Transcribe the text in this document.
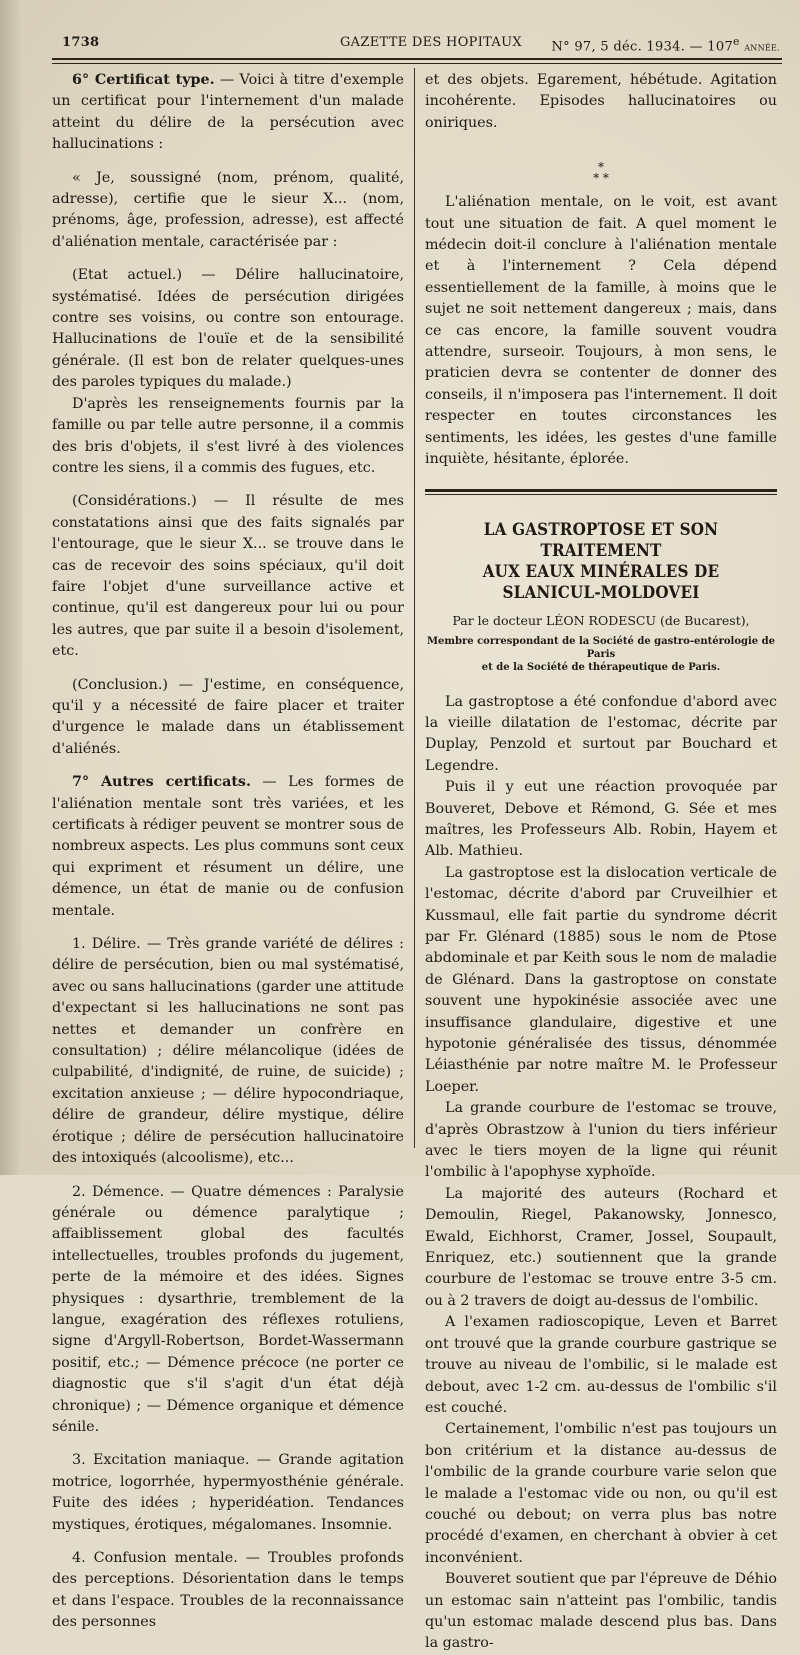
1738	GAZETTE DES HOPITAUX N° 97, 5 déc. 1934. — 107e ANNÉE.

6° Certificat type. — Voici à titre d'exemple un certificat pour l'internement d'un malade atteint du délire de la persécution avec hallucinations :

« Je, soussigné (nom, prénom, qualité, adresse), certifie que le sieur X... (nom, prénoms, âge, profession, adresse), est affecté d'aliénation mentale, caractérisée par :

(Etat actuel.) — Délire hallucinatoire, systématisé. Idées de persécution dirigées contre ses voisins, ou contre son entourage. Hallucinations de l'ouïe et de la sensibilité générale. (Il est bon de relater quelques-unes des paroles typiques du malade.)

D'après les renseignements fournis par la famille ou par telle autre personne, il a commis des bris d'objets, il s'est livré à des violences contre les siens, il a commis des fugues, etc.

(Considérations.) — Il résulte de mes constatations ainsi que des faits signalés par l'entourage, que le sieur X... se trouve dans le cas de recevoir des soins spéciaux, qu'il doit faire l'objet d'une surveillance active et continue, qu'il est dangereux pour lui ou pour les autres, que par suite il a besoin d'isolement, etc.

(Conclusion.) — J'estime, en conséquence, qu'il y a nécessité de faire placer et traiter d'urgence le malade dans un établissement d'aliénés.

7° Autres certificats. — Les formes de l'aliénation mentale sont très variées, et les certificats à rédiger peuvent se montrer sous de nombreux aspects. Les plus communs sont ceux qui expriment et résument un délire, une démence, un état de manie ou de confusion mentale.

1. Délire. — Très grande variété de délires : délire de persécution, bien ou mal systématisé, avec ou sans hallucinations (garder une attitude d'expectant si les hallucinations ne sont pas nettes et demander un confrère en consultation) ; délire mélancolique (idées de culpabilité, d'indignité, de ruine, de suicide) ; excitation anxieuse ; — délire hypocondriaque, délire de grandeur, délire mystique, délire érotique ; délire de persécution hallucinatoire des intoxiqués (alcoolisme), etc...

2. Démence. — Quatre démences : Paralysie générale ou démence paralytique ; affaiblissement global des facultés intellectuelles, troubles profonds du jugement, perte de la mémoire et des idées. Signes physiques : dysarthrie, tremblement de la langue, exagération des réflexes rotuliens, signe d'Argyll-Robertson, Bordet-Wassermann positif, etc.; — Démence précoce (ne porter ce diagnostic que s'il s'agit d'un état déjà chronique) ; — Démence organique et démence sénile.

3. Excitation maniaque. — Grande agitation motrice, logorrhée, hypermyosthénie générale. Fuite des idées ; hyperidéation. Tendances mystiques, érotiques, mégalomanes. Insomnie.

4. Confusion mentale. — Troubles profonds des perceptions. Désorientation dans le temps et dans l'espace. Troubles de la reconnaissance des personnes

et des objets. Egarement, hébétude. Agitation incohérente. Episodes hallucinatoires ou oniriques.

*
* *

L'aliénation mentale, on le voit, est avant tout une situation de fait. A quel moment le médecin doit-il conclure à l'aliénation mentale et à l'internement ? Cela dépend essentiellement de la famille, à moins que le sujet ne soit nettement dangereux ; mais, dans ce cas encore, la famille souvent voudra attendre, surseoir. Toujours, à mon sens, le praticien devra se contenter de donner des conseils, il n'imposera pas l'internement. Il doit respecter en toutes circonstances les sentiments, les idées, les gestes d'une famille inquiète, hésitante, éplorée.

LA GASTROPTOSE ET SON TRAITEMENT
AUX EAUX MINÉRALES DE SLANICUL-MOLDOVEI
Par le docteur LÉON RODESCU (de Bucarest),
Membre correspondant de la Société de gastro-entérologie de Paris
et de la Société de thérapeutique de Paris.

La gastroptose a été confondue d'abord avec la vieille dilatation de l'estomac, décrite par Duplay, Penzold et surtout par Bouchard et Legendre.

Puis il y eut une réaction provoquée par Bouveret, Debove et Rémond, G. Sée et mes maîtres, les Professeurs Alb. Robin, Hayem et Alb. Mathieu.

La gastroptose est la dislocation verticale de l'estomac, décrite d'abord par Cruveilhier et Kussmaul, elle fait partie du syndrome décrit par Fr. Glénard (1885) sous le nom de Ptose abdominale et par Keith sous le nom de maladie de Glénard. Dans la gastroptose on constate souvent une hypokinésie associée avec une insuffisance glandulaire, digestive et une hypotonie généralisée des tissus, dénommée Léiasthénie par notre maître M. le Professeur Loeper.

La grande courbure de l'estomac se trouve, d'après Obrastzow à l'union du tiers inférieur avec le tiers moyen de la ligne qui réunit l'ombilic à l'apophyse xyphoïde.

La majorité des auteurs (Rochard et Demoulin, Riegel, Pakanowsky, Jonnesco, Ewald, Eichhorst, Cramer, Jossel, Soupault, Enriquez, etc.) soutiennent que la grande courbure de l'estomac se trouve entre 3-5 cm. ou à 2 travers de doigt au-dessus de l'ombilic.

A l'examen radioscopique, Leven et Barret ont trouvé que la grande courbure gastrique se trouve au niveau de l'ombilic, si le malade est debout, avec 1-2 cm. au-dessus de l'ombilic s'il est couché.

Certainement, l'ombilic n'est pas toujours un bon critérium et la distance au-dessus de l'ombilic de la grande courbure varie selon que le malade a l'estomac vide ou non, ou qu'il est couché ou debout; on verra plus bas notre procédé d'examen, en cherchant à obvier à cet inconvénient.

Bouveret soutient que par l'épreuve de Déhio un estomac sain n'atteint pas l'ombilic, tandis qu'un estomac malade descend plus bas. Dans la gastro-
